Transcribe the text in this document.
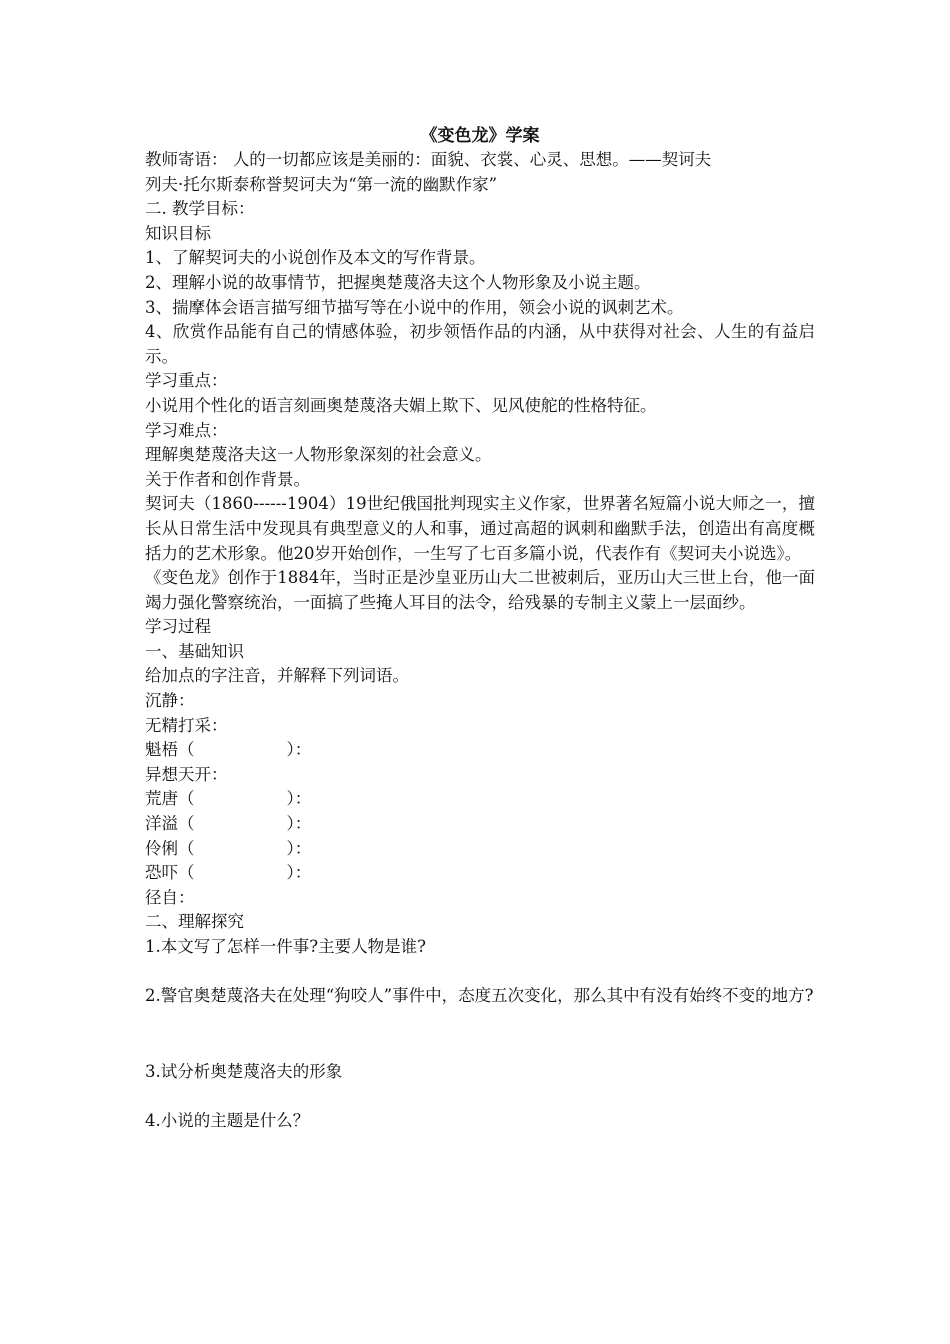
《变色龙》学案
教师寄语： 人的一切都应该是美丽的：面貌、衣裳、心灵、思想。——契诃夫
列夫·托尔斯泰称誉契诃夫为“第一流的幽默作家”
二. 教学目标：
知识目标
1、了解契诃夫的小说创作及本文的写作背景。
2、理解小说的故事情节，把握奥楚蔑洛夫这个人物形象及小说主题。
3、揣摩体会语言描写细节描写等在小说中的作用，领会小说的讽刺艺术。
4、欣赏作品能有自己的情感体验，初步领悟作品的内涵，从中获得对社会、人生的有益启示。
学习重点：
小说用个性化的语言刻画奥楚蔑洛夫媚上欺下、见风使舵的性格特征。
学习难点：
理解奥楚蔑洛夫这一人物形象深刻的社会意义。
关于作者和创作背景。
契诃夫（1860------1904）19世纪俄国批判现实主义作家，世界著名短篇小说大师之一，擅长从日常生活中发现具有典型意义的人和事，通过高超的讽刺和幽默手法，创造出有高度概括力的艺术形象。他20岁开始创作，一生写了七百多篇小说，代表作有《契诃夫小说选》。
《变色龙》创作于1884年，当时正是沙皇亚历山大二世被刺后，亚历山大三世上台，他一面竭力强化警察统治，一面搞了些掩人耳目的法令，给残暴的专制主义蒙上一层面纱。
学习过程
一、基础知识
给加点的字注音，并解释下列词语。
沉静：
无精打采：
魁梧（	）：
异想天开：
荒唐（	）：
洋溢（	）：
伶俐（	）：
恐吓（	）：
径自：
二、理解探究
1.本文写了怎样一件事?主要人物是谁?
2.警官奥楚蔑洛夫在处理“狗咬人”事件中，态度五次变化，那么其中有没有始终不变的地方?
3.试分析奥楚蔑洛夫的形象
4.小说的主题是什么？
